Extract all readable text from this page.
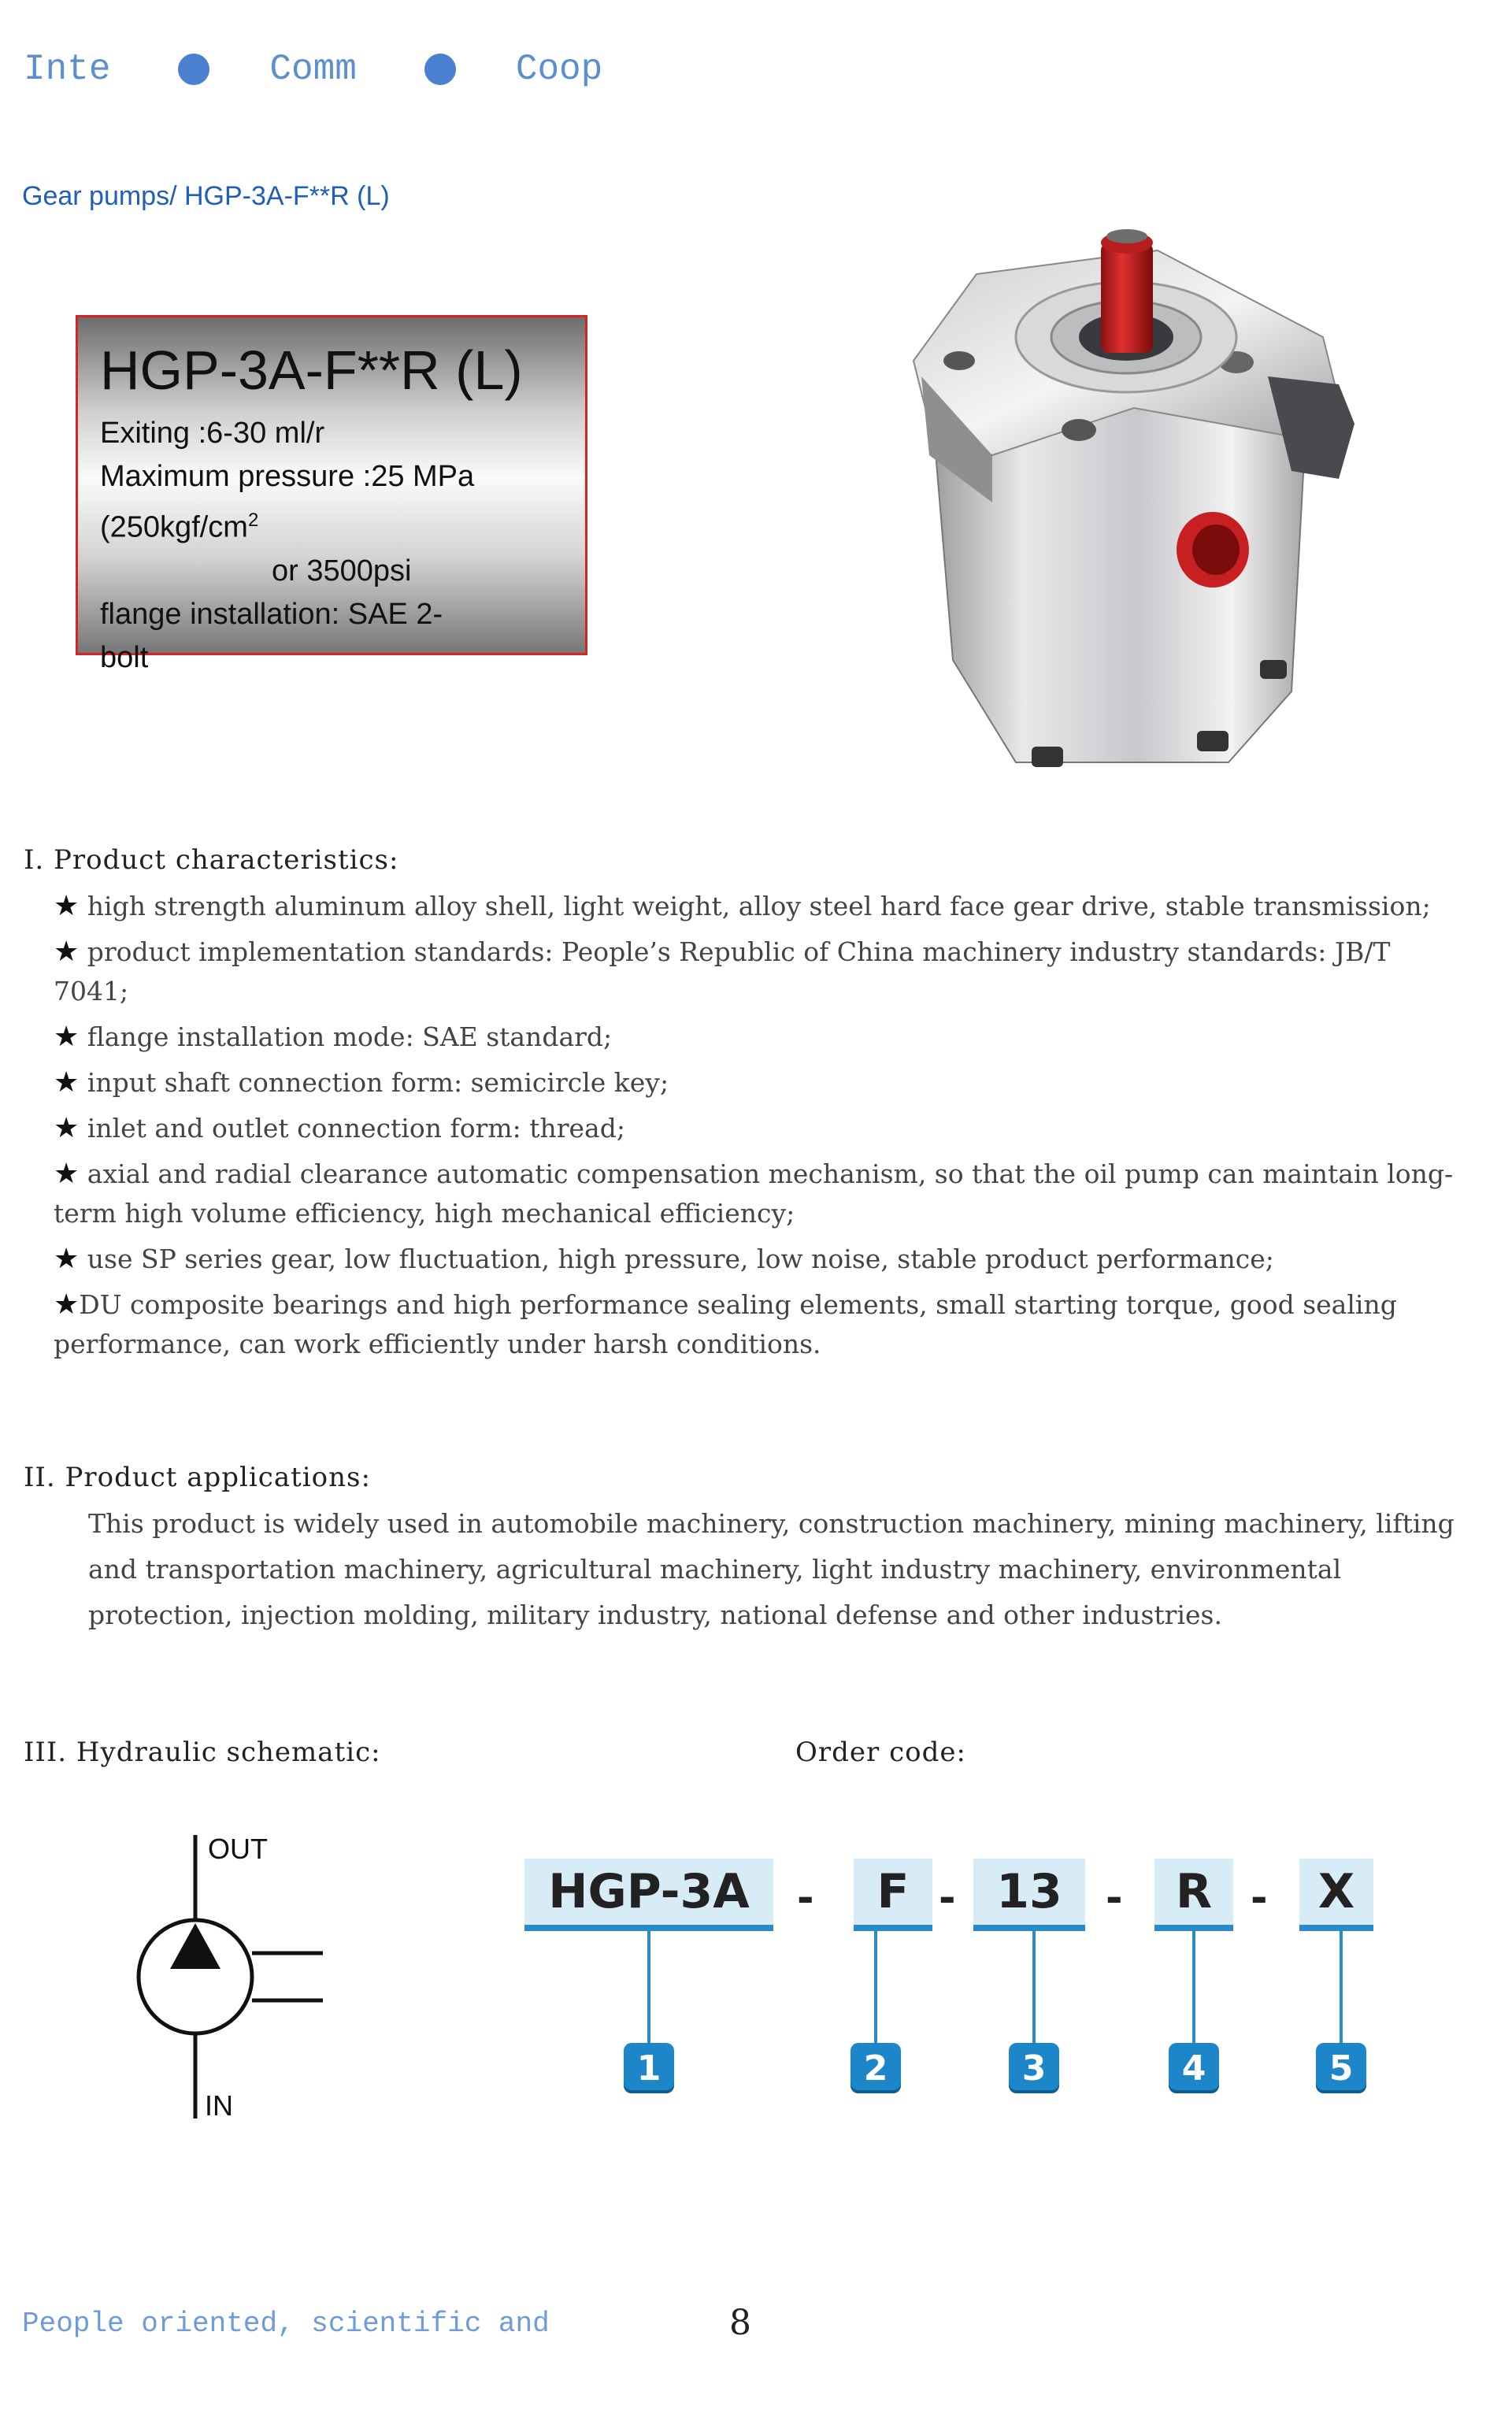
Inte	Comm	Coop
Gear pumps/ HGP-3A-F**R (L)
HGP-3A-F**R (L)
Exiting :6-30 ml/r
Maximum pressure :25 MPa
($250kgf/cm^2$
or 3500psi
flange installation: SAE 2-
bolt
I. Product characteristics:
★ high strength aluminum alloy shell, light weight, alloy steel hard face gear drive, stable transmission;
★ product implementation standards: People’s Republic of China machinery industry standards: JB/T 7041;
★ flange installation mode: SAE standard;
★ input shaft connection form: semicircle key;
★ inlet and outlet connection form: thread;
★ axial and radial clearance automatic compensation mechanism, so that the oil pump can maintain long-term high volume efficiency, high mechanical efficiency;
★ use SP series gear, low fluctuation, high pressure, low noise, stable product performance;
★DU composite bearings and high performance sealing elements, small starting torque, good sealing performance, can work efficiently under harsh conditions.
II. Product applications:
This product is widely used in automobile machinery, construction machinery, mining machinery, lifting and transportation machinery, agricultural machinery, light industry machinery, environmental protection, injection molding, military industry, national defense and other industries.
III. Hydraulic schematic:	Order code:
OUT
IN
HGP-3A	-	F - 13	-	R -	X
1	2	3	4	5
People oriented, scientific and	8
